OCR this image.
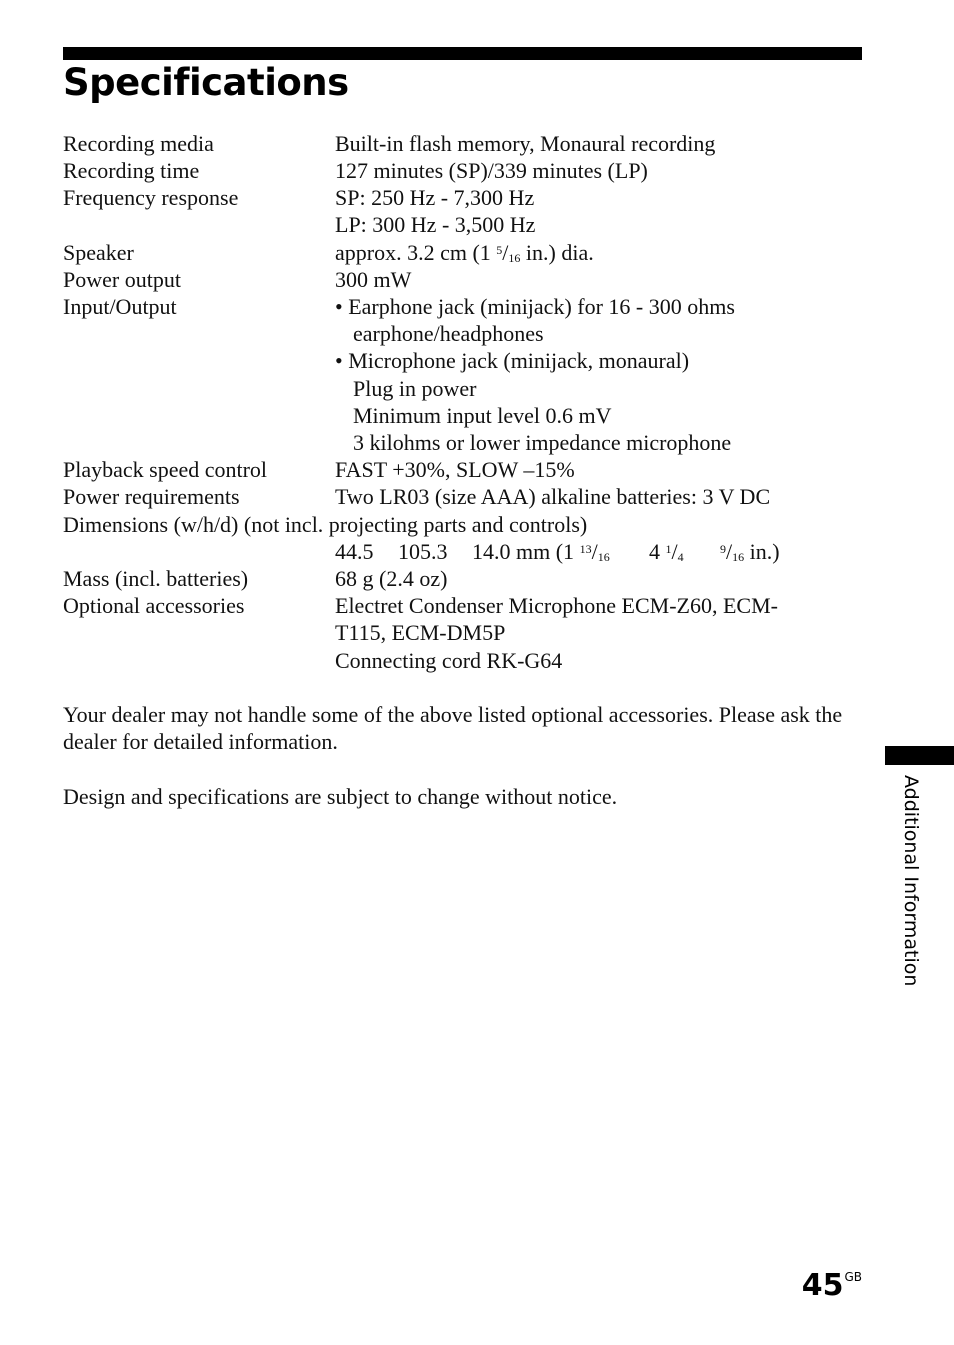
Specifications
Recording media	Built-in flash memory, Monaural recording
Recording time	127 minutes (SP)/339 minutes (LP)
Frequency response	SP: 250 Hz - 7,300 Hz
LP: 300 Hz - 3,500 Hz
Speaker	approx. 3.2 cm (1 $^5/_{16}$ in.) dia.
Power output	300 mW
Input/Output	• Earphone jack (minijack) for 16 - 300 ohms
earphone/headphones
• Microphone jack (minijack, monaural)
Plug in power
Minimum input level 0.6 mV
3 kilohms or lower impedance microphone
Playback speed control	FAST +30%, SLOW –15%
Power requirements	Two LR03 (size AAA) alkaline batteries: 3 V DC
Dimensions (w/h/d) (not incl. projecting parts and controls)
44.5 105.3 14.0 mm (1 $^{13}/_{16}$ 4 $^1/_4$
$^9/_{16}$ in.)
Mass (incl. batteries)	68 g (2.4 oz)
Optional accessories	Electret Condenser Microphone ECM-Z60, ECM-
T115, ECM-DM5P
Connecting cord RK-G64

Your dealer may not handle some of the above listed optional accessories. Please ask the dealer for detailed information.

Design and specifications are subject to change without notice.	Additional Information
$45^{GB}$
